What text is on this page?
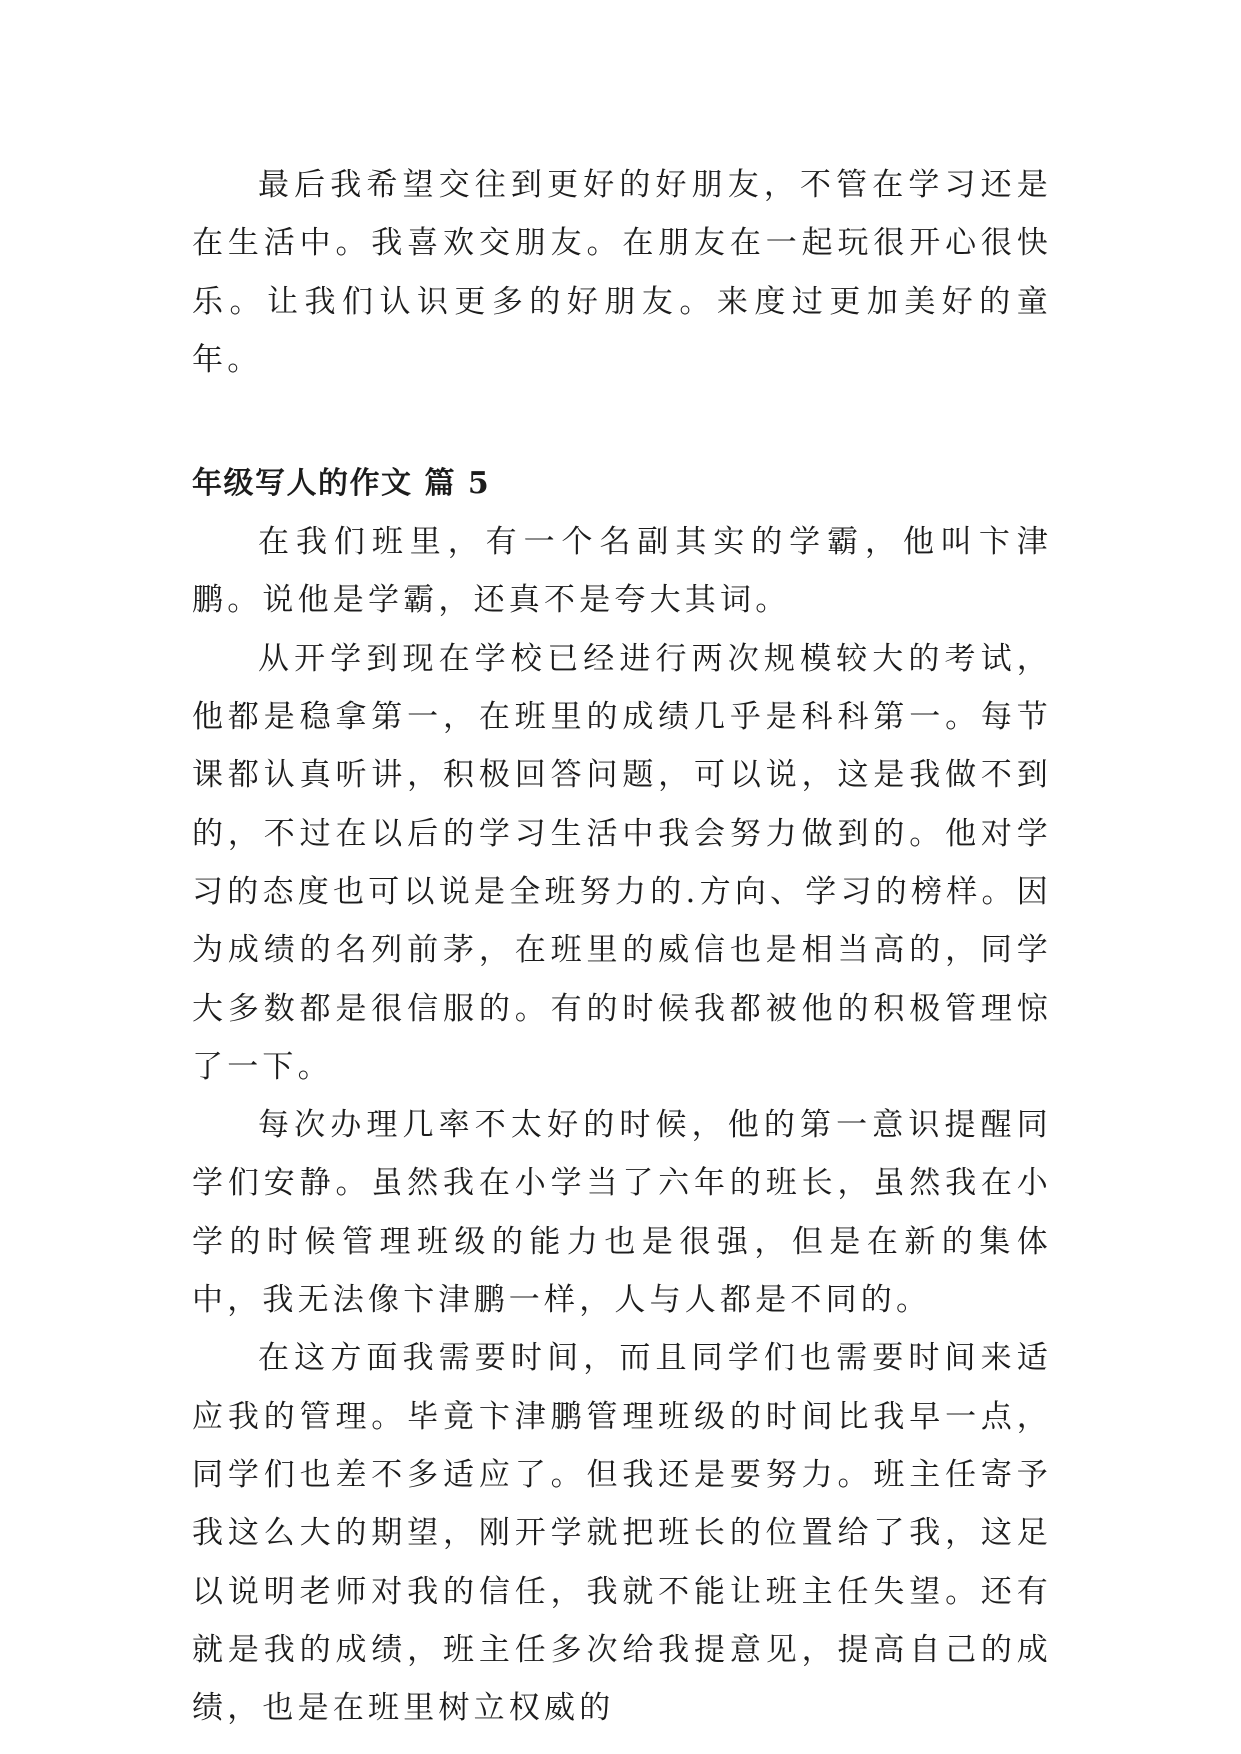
最后我希望交往到更好的好朋友，不管在学习还是在生活中。我喜欢交朋友。在朋友在一起玩很开心很快乐。让我们认识更多的好朋友。来度过更加美好的童年。

年级写人的作文 篇 5

在我们班里，有一个名副其实的学霸，他叫卞津鹏。说他是学霸，还真不是夸大其词。

从开学到现在学校已经进行两次规模较大的考试，他都是稳拿第一，在班里的成绩几乎是科科第一。每节课都认真听讲，积极回答问题，可以说，这是我做不到的，不过在以后的学习生活中我会努力做到的。他对学习的态度也可以说是全班努力的.方向、学习的榜样。因为成绩的名列前茅，在班里的威信也是相当高的，同学大多数都是很信服的。有的时候我都被他的积极管理惊了一下。

每次办理几率不太好的时候，他的第一意识提醒同学们安静。虽然我在小学当了六年的班长，虽然我在小学的时候管理班级的能力也是很强，但是在新的集体中，我无法像卞津鹏一样，人与人都是不同的。

在这方面我需要时间，而且同学们也需要时间来适应我的管理。毕竟卞津鹏管理班级的时间比我早一点，同学们也差不多适应了。但我还是要努力。班主任寄予我这么大的期望，刚开学就把班长的位置给了我，这足以说明老师对我的信任，我就不能让班主任失望。还有就是我的成绩，班主任多次给我提意见，提高自己的成绩，也是在班里树立权威的
